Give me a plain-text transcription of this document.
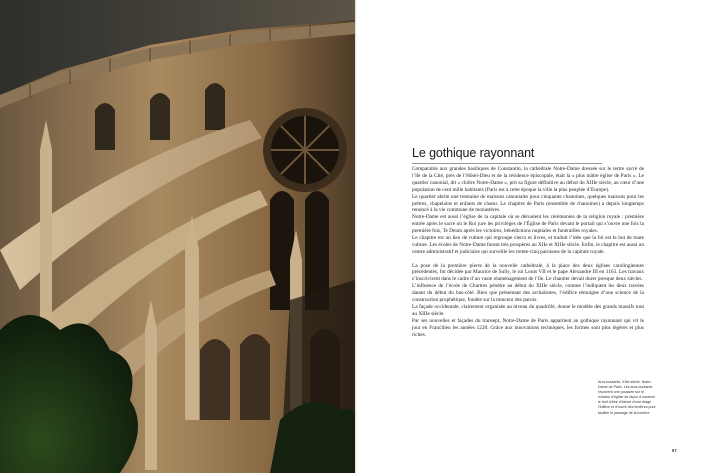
Le gothique rayonnant

Comparable aux grandes basiliques de Constantin, la cathédrale Notre-Dame dressée sur le tertre sacré de l’île de la Cité, près de l’Hôtel-Dieu et de la résidence épiscopale, était la « plus mâtre église de Paris ». Le quartier canonial, dit « cloître Notre-Dame », prit sa figure définitive au début du XIIIe siècle, au cœur d’une population de cent mille habitants (Paris est à cette époque la ville la plus peuplée d’Europe).

Le quartier abrite une trentaine de maisons canoniales pour cinquante chanoines, quelques maisons pour les prêtres, chapelains et enfants de chœur. Le chapitre de Paris (ensemble de chanoines) a depuis longtemps renoncé à la vie commune de monastères.

Notre-Dame est aussi l’église de la capitale où se déroulent les cérémonies de la religion royale : première entrée après le sacre où le Roi jure les privilèges de l’Église de Paris devant le portail qui s’ouvre une fois la première fois, Te Deum après les victoires, bénédictions nuptiales et funérailles royales.

Le chapitre est un lieu de culture qui regroupe clercs et livres, et traduit l’idée que la foi est le but de toute culture. Les écoles de Notre-Dame furent très prospères au XIIe et XIIIe siècle. Enfin, le chapitre est aussi un centre administratif et judiciaire qui surveille les trente-cinq paroisses de la capitale royale.

La pose de la première pierre de la nouvelle cathédrale, à la place des deux églises carolingiennes précédentes, fut décidée par Maurice de Sully, le roi Louis VII et le pape Alexandre III en 1163. Les travaux s’inscrivirent dans le cadre d’un vaste réaménagement de l’île. Le chantier devait durer presque deux siècles.

L’influence de l’école de Chartres pénètre au début du XIIIe siècle, comme l’indiquent les deux travées datant du début du bas-côté. Bien que présentant des archaïsmes, l’édifice témoigne d’une science de la construction prophétique, fondée sur la minceur des parois.

La façade occidentale, clairement organisée au niveau du quadrillé, donne le modèle des grands massifs tout au XIIIe siècle.

Par ses nouvelles et façades du transept, Notre-Dame de Paris appartient au gothique rayonnant qui vit le jour en Francilien les années 1220. Grâce aux innovations techniques, les formes sont plus légères et plus riches.

Arcs-boutants, XIIIe siècle. Notre-Dame de Paris. Les arcs-boutants reçoivent une poussée sur le mirador d’église de façon à soutenir le fruit d’être d’élever d’une étage l’édifice et d’ouvrir des fenêtres pour faciliter le passage de la lumière.
67
